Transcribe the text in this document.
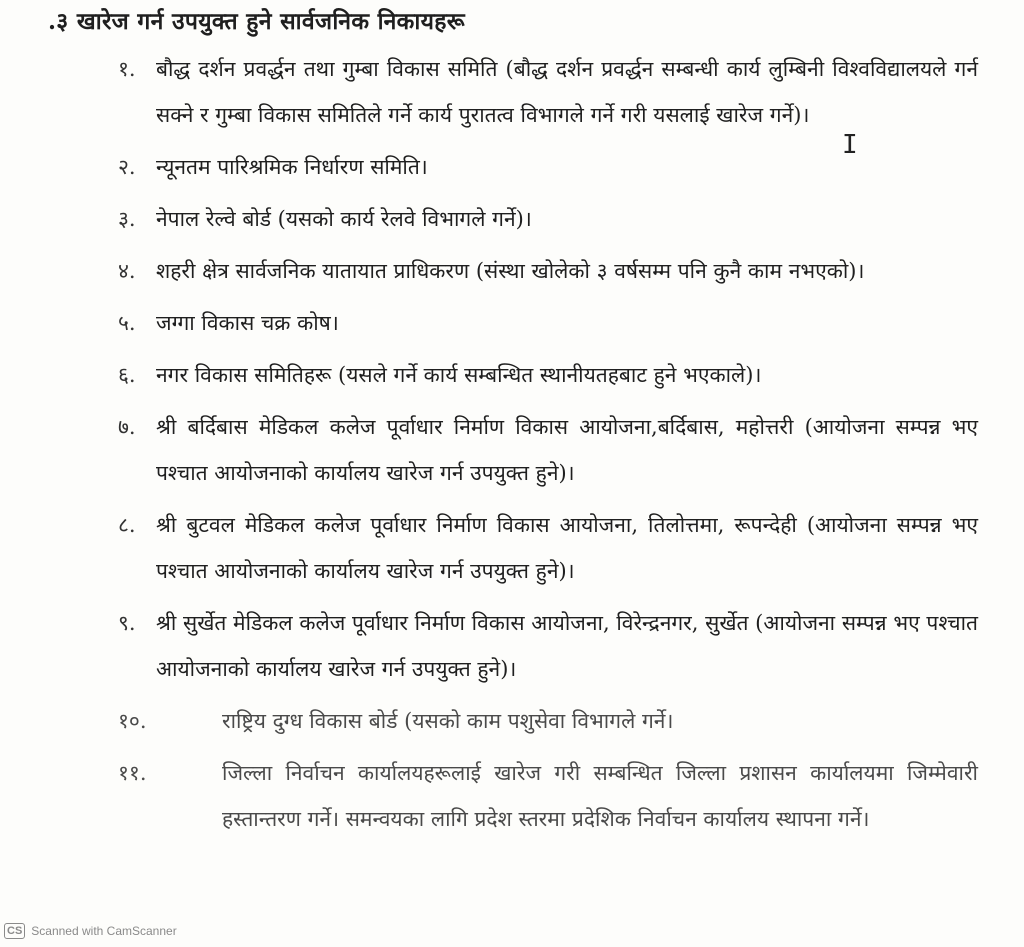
.३ खारेज गर्न उपयुक्त हुने सार्वजनिक निकायहरू
१. बौद्ध दर्शन प्रवर्द्धन तथा गुम्बा विकास समिति (बौद्ध दर्शन प्रवर्द्धन सम्बन्धी कार्य लुम्बिनी विश्वविद्यालयले गर्न सक्ने र गुम्बा विकास समितिले गर्ने कार्य पुरातत्व विभागले गर्ने गरी यसलाई खारेज गर्ने)।
२. न्यूनतम पारिश्रमिक निर्धारण समिति।
३. नेपाल रेल्वे बोर्ड (यसको कार्य रेलवे विभागले गर्ने)।
४. शहरी क्षेत्र सार्वजनिक यातायात प्राधिकरण (संस्था खोलेको ३ वर्षसम्म पनि कुनै काम नभएको)।
५. जग्गा विकास चक्र कोष।
६. नगर विकास समितिहरू (यसले गर्ने कार्य सम्बन्धित स्थानीयतहबाट हुने भएकाले)।
७. श्री बर्दिबास मेडिकल कलेज पूर्वाधार निर्माण विकास आयोजना,बर्दिबास, महोत्तरी (आयोजना सम्पन्न भए पश्चात आयोजनाको कार्यालय खारेज गर्न उपयुक्त हुने)।
८. श्री बुटवल मेडिकल कलेज पूर्वाधार निर्माण विकास आयोजना, तिलोत्तमा, रूपन्देही (आयोजना सम्पन्न भए पश्चात आयोजनाको कार्यालय खारेज गर्न उपयुक्त हुने)।
९. श्री सुर्खेत मेडिकल कलेज पूर्वाधार निर्माण विकास आयोजना, विरेन्द्रनगर, सुर्खेत (आयोजना सम्पन्न भए पश्चात आयोजनाको कार्यालय खारेज गर्न उपयुक्त हुने)।
१०.	राष्ट्रिय दुग्ध विकास बोर्ड (यसको काम पशुसेवा विभागले गर्ने।
११.	जिल्ला निर्वाचन कार्यालयहरूलाई खारेज गरी सम्बन्धित जिल्ला प्रशासन कार्यालयमा जिम्मेवारी हस्तान्तरण गर्ने। समन्वयका लागि प्रदेश स्तरमा प्रदेशिक निर्वाचन कार्यालय स्थापना गर्ने।
I
CS Scanned with CamScanner
